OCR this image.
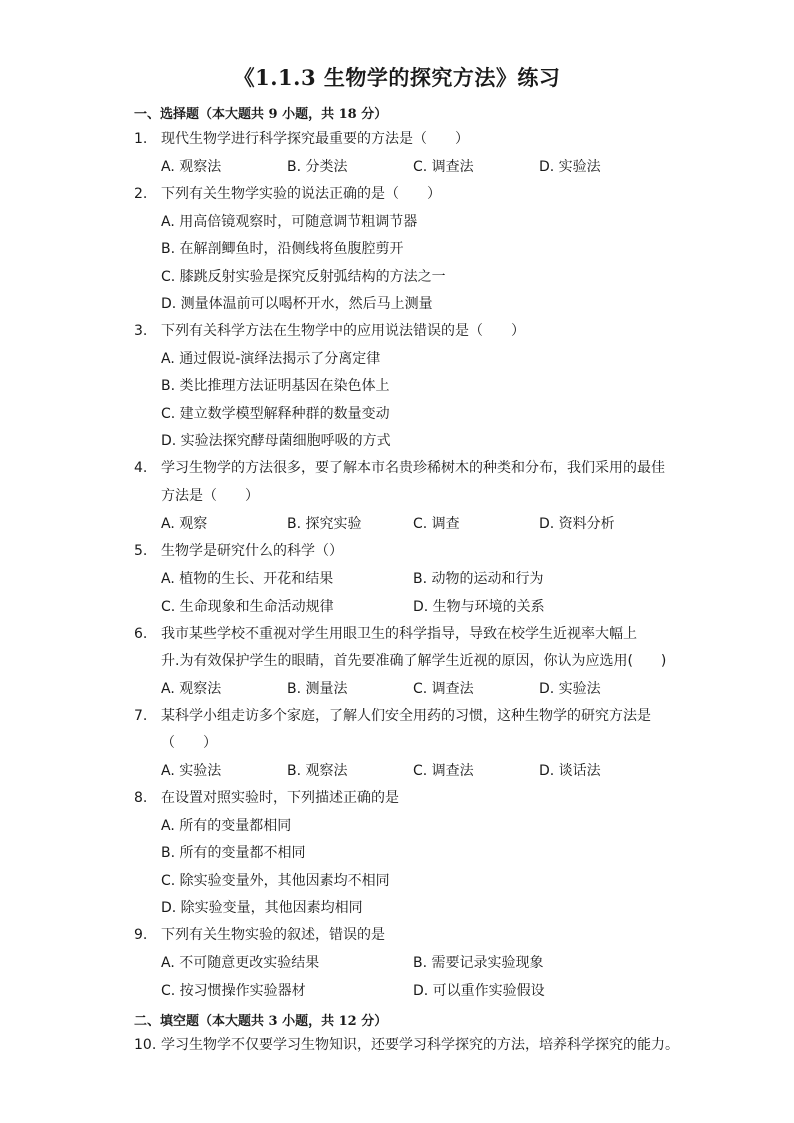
《1.1.3 生物学的探究方法》练习
一、选择题（本大题共 9 小题，共 18 分）
1. 现代生物学进行科学探究最重要的方法是（　　）
A. 观察法	B. 分类法	C. 调查法	D. 实验法
2. 下列有关生物学实验的说法正确的是（　　）
A. 用高倍镜观察时，可随意调节粗调节器
B. 在解剖鲫鱼时，沿侧线将鱼腹腔剪开
C. 膝跳反射实验是探究反射弧结构的方法之一
D. 测量体温前可以喝杯开水，然后马上测量
3. 下列有关科学方法在生物学中的应用说法错误的是（　　）
A. 通过假说-演绎法揭示了分离定律
B. 类比推理方法证明基因在染色体上
C. 建立数学模型解释种群的数量变动
D. 实验法探究酵母菌细胞呼吸的方式
4. 学习生物学的方法很多，要了解本市名贵珍稀树木的种类和分布，我们采用的最佳
方法是（　　）
A. 观察	B. 探究实验	C. 调查	D. 资料分析
5. 生物学是研究什么的科学（）
A. 植物的生长、开花和结果	B. 动物的运动和行为
C. 生命现象和生命活动规律	D. 生物与环境的关系
6. 我市某些学校不重视对学生用眼卫生的科学指导，导致在校学生近视率大幅上
升.为有效保护学生的眼睛，首先要准确了解学生近视的原因，你认为应选用(　　)
A. 观察法	B. 测量法	C. 调查法	D. 实验法
7. 某科学小组走访多个家庭，了解人们安全用药的习惯，这种生物学的研究方法是
（　　）
A. 实验法	B. 观察法	C. 调查法	D. 谈话法
8. 在设置对照实验时，下列描述正确的是
A. 所有的变量都相同
B. 所有的变量都不相同
C. 除实验变量外，其他因素均不相同
D. 除实验变量，其他因素均相同
9. 下列有关生物实验的叙述，错误的是
A. 不可随意更改实验结果	B. 需要记录实验现象
C. 按习惯操作实验器材	D. 可以重作实验假设
二、填空题（本大题共 3 小题，共 12 分）
10. 学习生物学不仅要学习生物知识，还要学习科学探究的方法，培养科学探究的能力。
